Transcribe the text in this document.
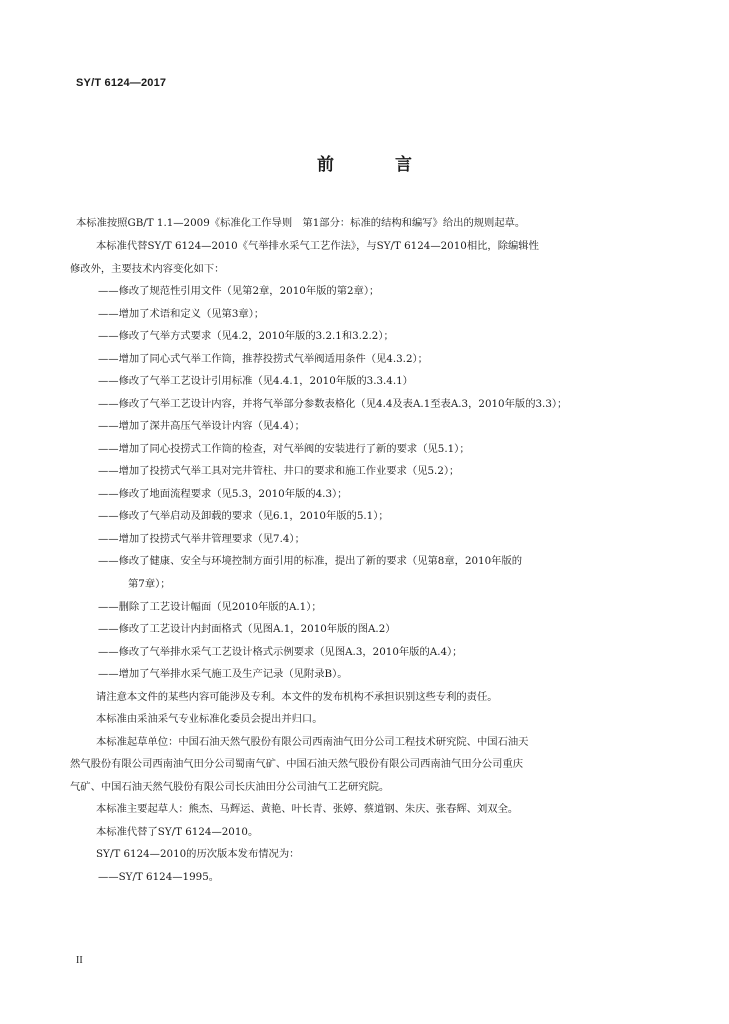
SY/T 6124—2017
前　言
本标准按照GB/T 1.1—2009《标准化工作导则　第1部分：标准的结构和编写》给出的规则起草。
本标准代替SY/T 6124—2010《气举排水采气工艺作法》，与SY/T 6124—2010相比，除编辑性
修改外，主要技术内容变化如下：
——修改了规范性引用文件（见第2章，2010年版的第2章）；
——增加了术语和定义（见第3章）；
——修改了气举方式要求（见4.2，2010年版的3.2.1和3.2.2）；
——增加了同心式气举工作筒，推荐投捞式气举阀适用条件（见4.3.2）；
——修改了气举工艺设计引用标准（见4.4.1，2010年版的3.3.4.1）
——修改了气举工艺设计内容，并将气举部分参数表格化（见4.4及表A.1至表A.3，2010年版的3.3）；
——增加了深井高压气举设计内容（见4.4）；
——增加了同心投捞式工作筒的检查，对气举阀的安装进行了新的要求（见5.1）；
——增加了投捞式气举工具对完井管柱、井口的要求和施工作业要求（见5.2）；
——修改了地面流程要求（见5.3，2010年版的4.3）；
——修改了气举启动及卸载的要求（见6.1，2010年版的5.1）；
——增加了投捞式气举井管理要求（见7.4）；
——修改了健康、安全与环境控制方面引用的标准，提出了新的要求（见第8章，2010年版的
第7章）；
——删除了工艺设计幅面（见2010年版的A.1）；
——修改了工艺设计内封面格式（见图A.1，2010年版的图A.2）
——修改了气举排水采气工艺设计格式示例要求（见图A.3，2010年版的A.4）；
——增加了气举排水采气施工及生产记录（见附录B）。
请注意本文件的某些内容可能涉及专利。本文件的发布机构不承担识别这些专利的责任。
本标准由采油采气专业标准化委员会提出并归口。
本标准起草单位：中国石油天然气股份有限公司西南油气田分公司工程技术研究院、中国石油天
然气股份有限公司西南油气田分公司蜀南气矿、中国石油天然气股份有限公司西南油气田分公司重庆
气矿、中国石油天然气股份有限公司长庆油田分公司油气工艺研究院。
本标准主要起草人：熊杰、马辉运、黄艳、叶长青、张婷、蔡道钢、朱庆、张春辉、刘双全。
本标准代替了SY/T 6124—2010。
SY/T 6124—2010的历次版本发布情况为：
——SY/T 6124—1995。
II
